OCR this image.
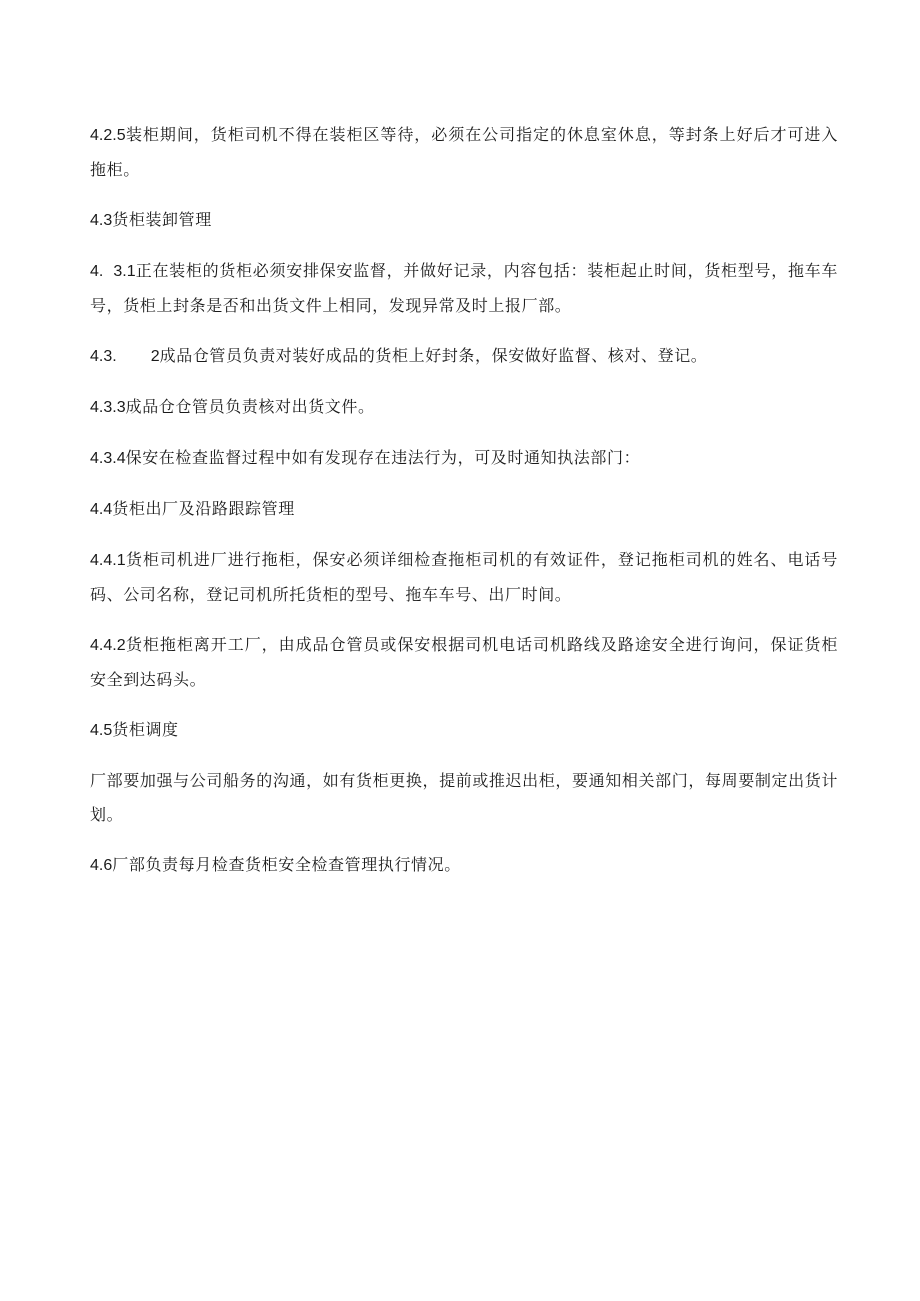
4.2.5装柜期间，货柜司机不得在装柜区等待，必须在公司指定的休息室休息，等封条上好后才可进入拖柜。

4.3货柜装卸管理

4. 3.1正在装柜的货柜必须安排保安监督，并做好记录，内容包括：装柜起止时间，货柜型号，拖车车号，货柜上封条是否和出货文件上相同，发现异常及时上报厂部。

4.3. 2成品仓管员负责对装好成品的货柜上好封条，保安做好监督、核对、登记。

4.3.3成品仓仓管员负责核对出货文件。

4.3.4保安在检查监督过程中如有发现存在违法行为，可及时通知执法部门：

4.4货柜出厂及沿路跟踪管理

4.4.1货柜司机进厂进行拖柜，保安必须详细检查拖柜司机的有效证件，登记拖柜司机的姓名、电话号码、公司名称，登记司机所托货柜的型号、拖车车号、出厂时间。

4.4.2货柜拖柜离开工厂，由成品仓管员或保安根据司机电话司机路线及路途安全进行询问，保证货柜安全到达码头。

4.5货柜调度

厂部要加强与公司船务的沟通，如有货柜更换，提前或推迟出柜，要通知相关部门，每周要制定出货计划。

4.6厂部负责每月检查货柜安全检查管理执行情况。
